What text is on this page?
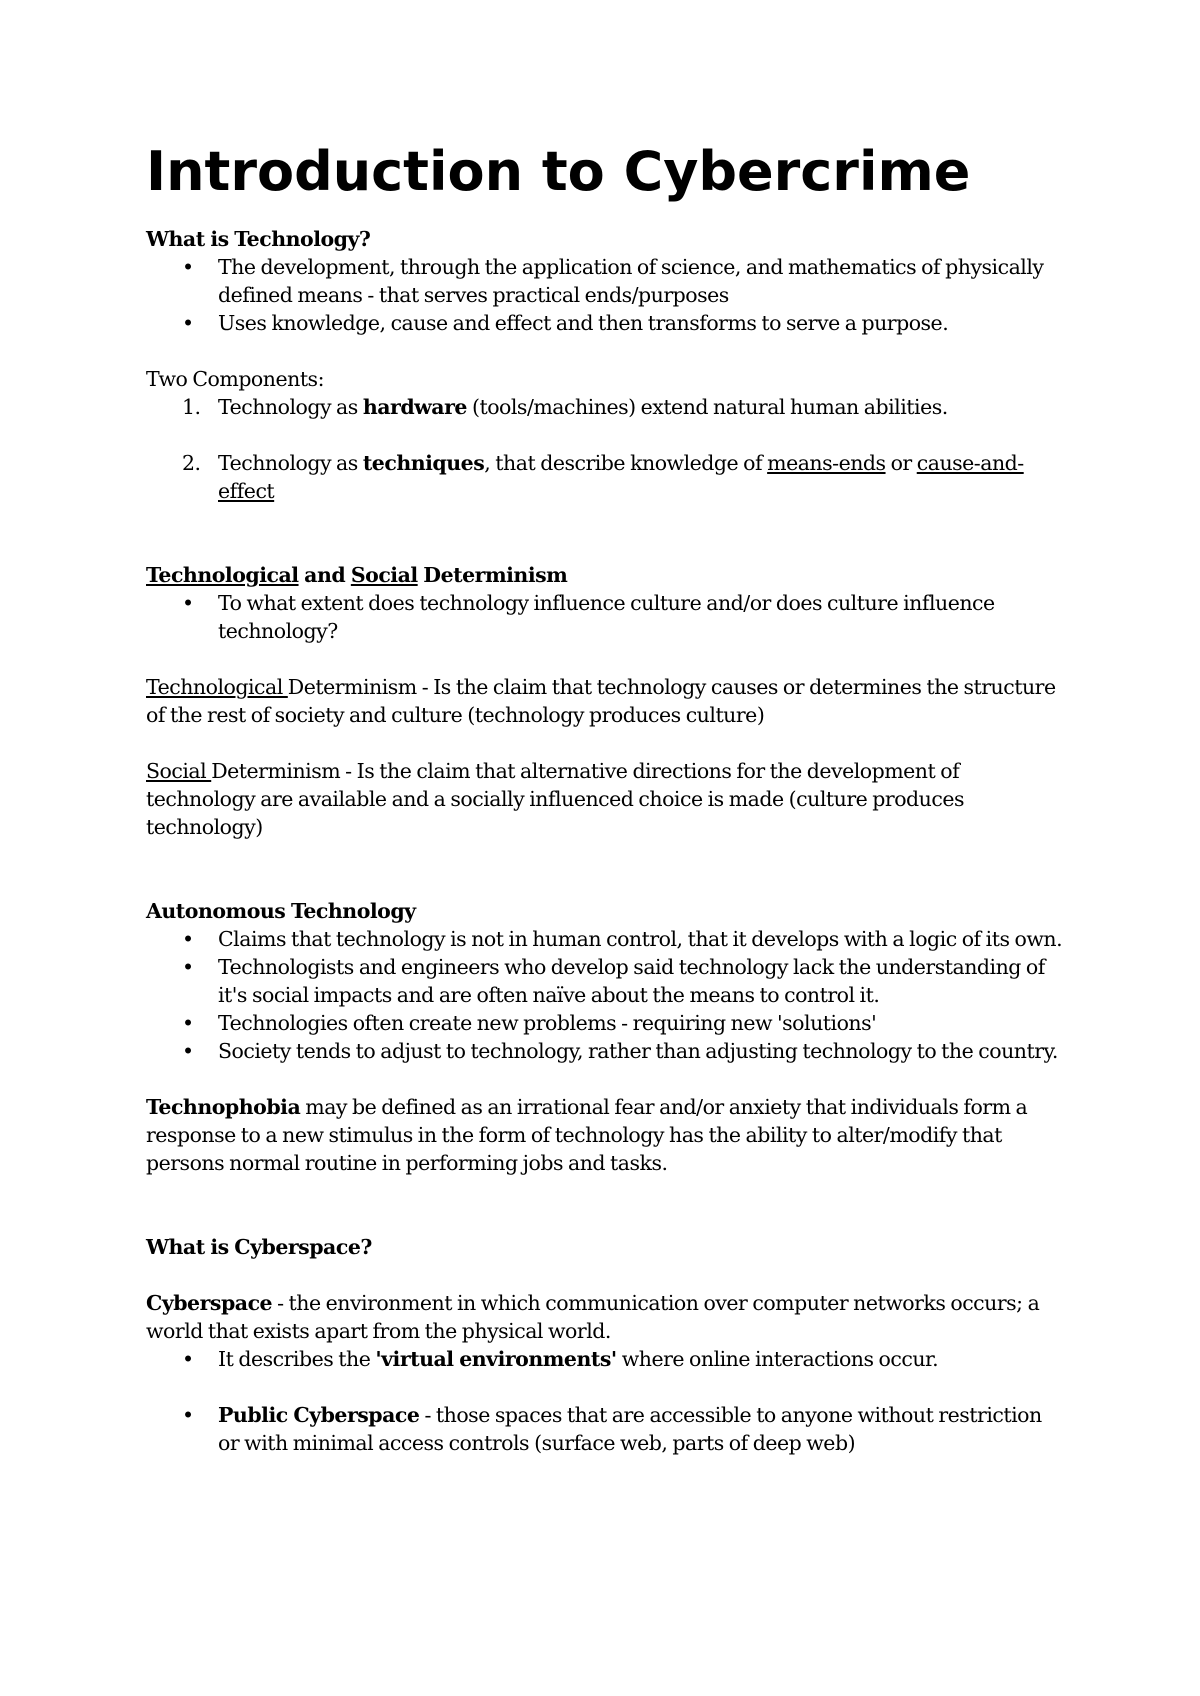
Introduction to Cybercrime

What is Technology?

• The development, through the application of science, and mathematics of physically defined means - that serves practical ends/purposes
• Uses knowledge, cause and effect and then transforms to serve a purpose.

Two Components:

1. Technology as hardware (tools/machines) extend natural human abilities.
2. Technology as techniques, that describe knowledge of means-ends or cause-and-effect

Technological and Social Determinism

• To what extent does technology influence culture and/or does culture influence technology?

Technological Determinism - Is the claim that technology causes or determines the structure of the rest of society and culture (technology produces culture)

Social Determinism - Is the claim that alternative directions for the development of technology are available and a socially influenced choice is made (culture produces technology)

Autonomous Technology

• Claims that technology is not in human control, that it develops with a logic of its own.
• Technologists and engineers who develop said technology lack the understanding of it's social impacts and are often naïve about the means to control it.
• Technologies often create new problems - requiring new 'solutions'
• Society tends to adjust to technology, rather than adjusting technology to the country.

Technophobia may be defined as an irrational fear and/or anxiety that individuals form a response to a new stimulus in the form of technology has the ability to alter/modify that persons normal routine in performing jobs and tasks.

What is Cyberspace?

Cyberspace - the environment in which communication over computer networks occurs; a world that exists apart from the physical world.

• It describes the 'virtual environments' where online interactions occur.
• Public Cyberspace - those spaces that are accessible to anyone without restriction or with minimal access controls (surface web, parts of deep web)
